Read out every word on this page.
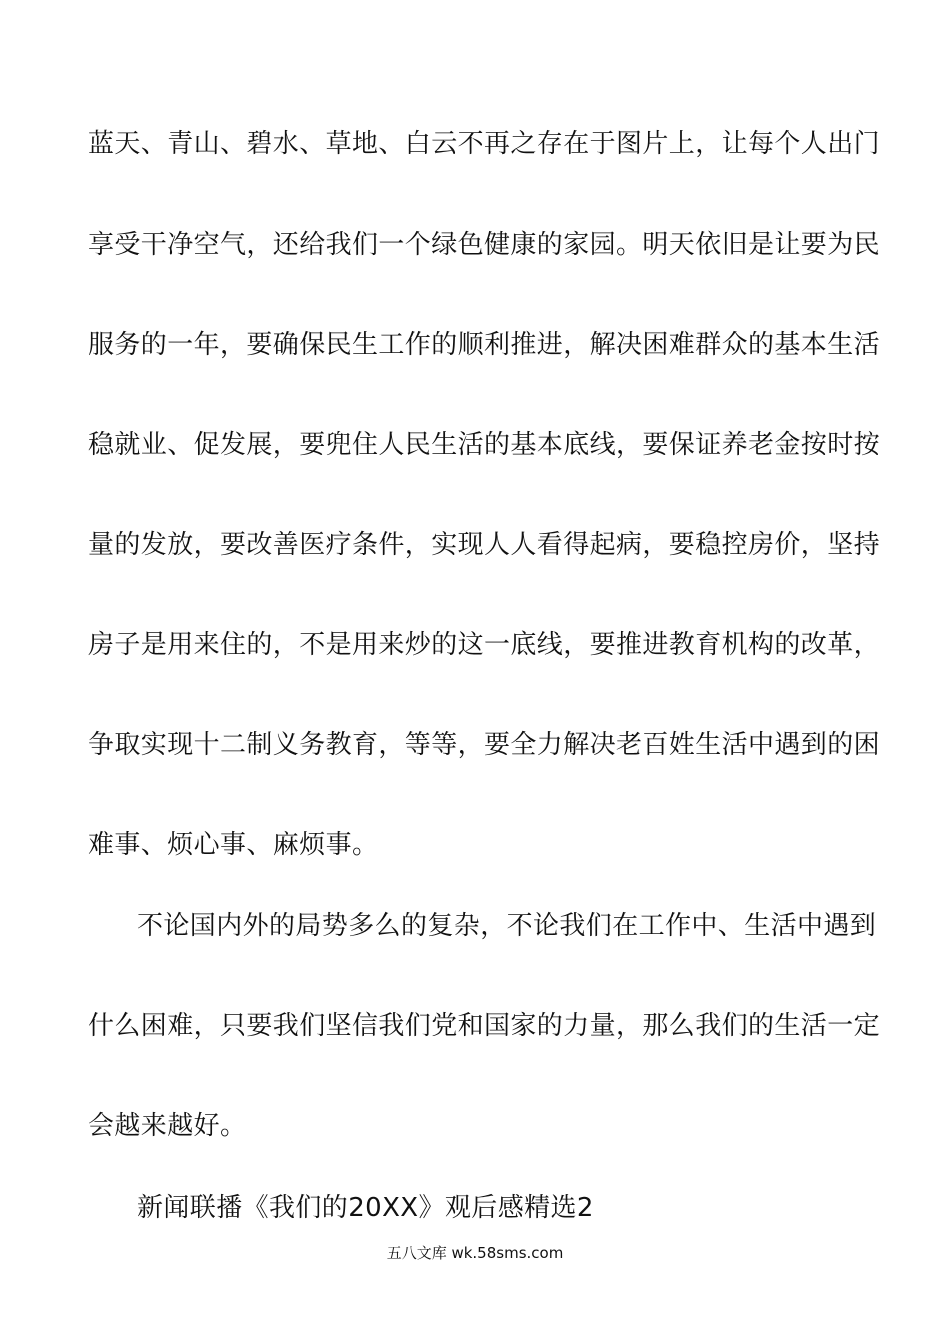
蓝天、青山、碧水、草地、白云不再之存在于图片上，让每个人出门
享受干净空气，还给我们一个绿色健康的家园。明天依旧是让要为民
服务的一年，要确保民生工作的顺利推进，解决困难群众的基本生活
稳就业、促发展，要兜住人民生活的基本底线，要保证养老金按时按
量的发放，要改善医疗条件，实现人人看得起病，要稳控房价，坚持
房子是用来住的，不是用来炒的这一底线，要推进教育机构的改革，
争取实现十二制义务教育，等等，要全力解决老百姓生活中遇到的困
难事、烦心事、麻烦事。
不论国内外的局势多么的复杂，不论我们在工作中、生活中遇到
什么困难，只要我们坚信我们党和国家的力量，那么我们的生活一定
会越来越好。
新闻联播《我们的20XX》观后感精选2
五八文库 wk.58sms.com
